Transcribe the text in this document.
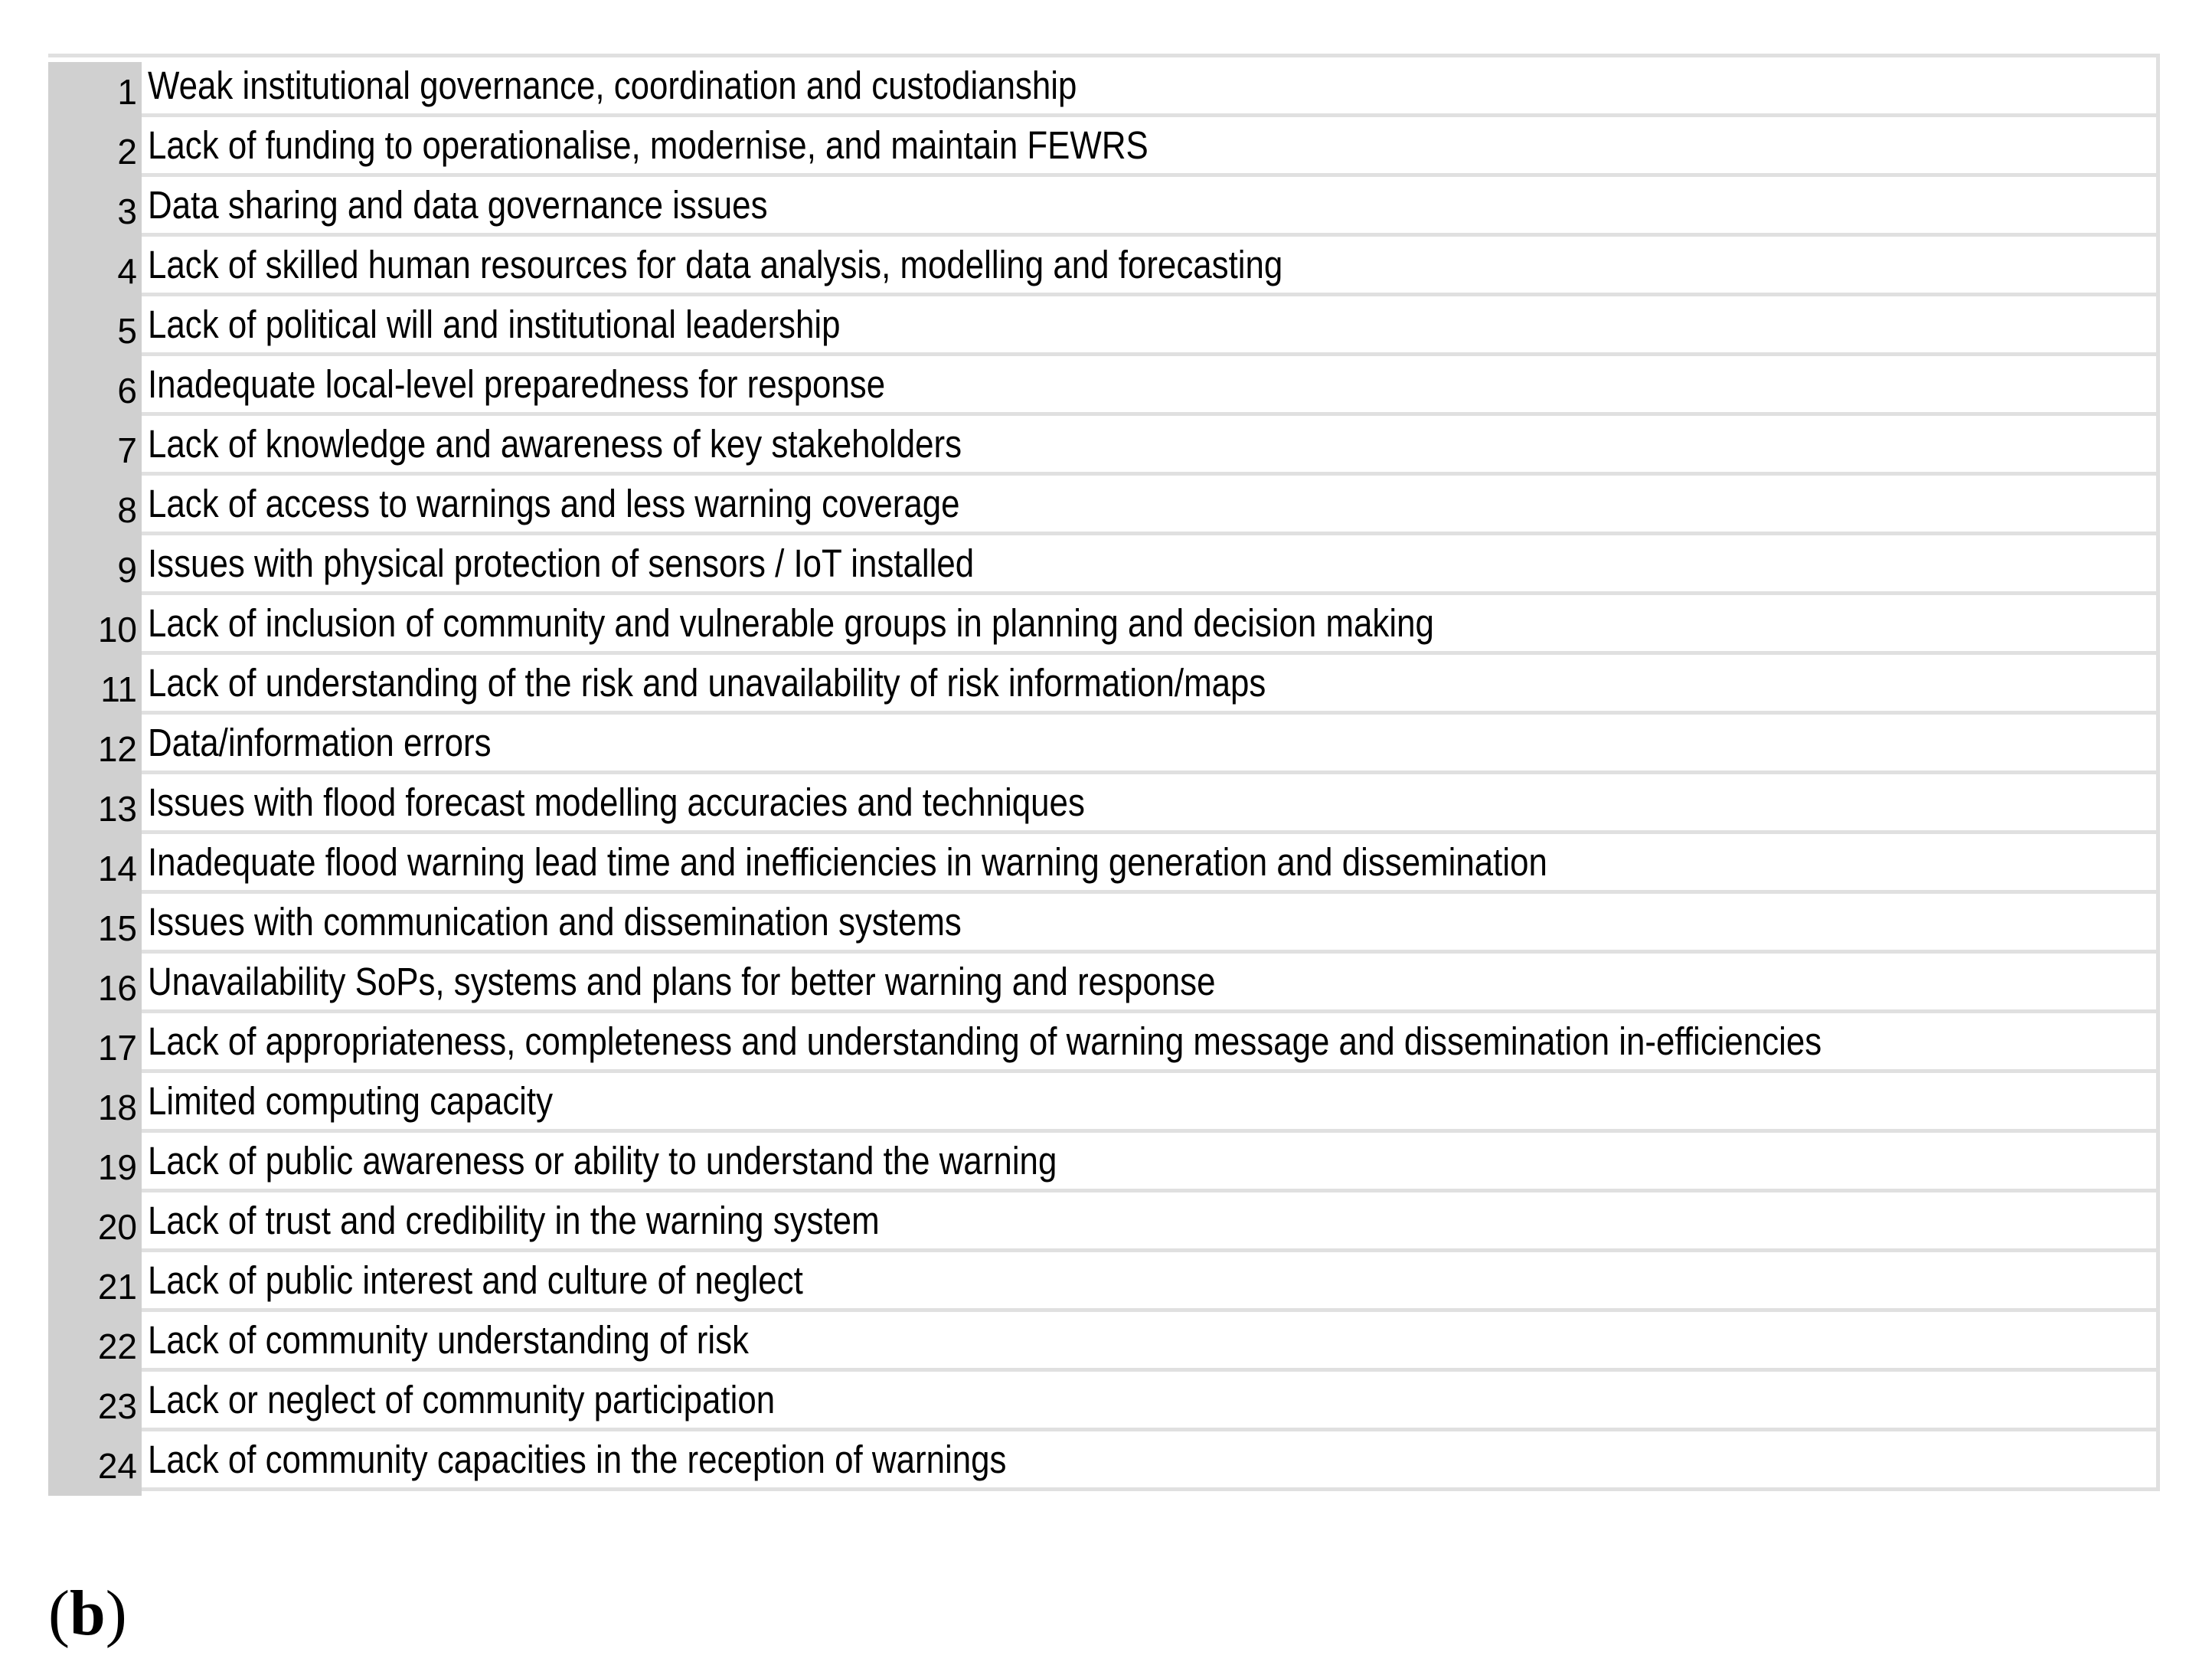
1 Weak institutional governance, coordination and custodianship
2 Lack of funding to operationalise, modernise, and maintain FEWRS
3 Data sharing and data governance issues
4 Lack of skilled human resources for data analysis, modelling and forecasting
5 Lack of political will and institutional leadership
6 Inadequate local-level preparedness for response
7 Lack of knowledge and awareness of key stakeholders
8 Lack of access to warnings and less warning coverage
9 Issues with physical protection of sensors / IoT installed
10 Lack of inclusion of community and vulnerable groups in planning and decision making
11 Lack of understanding of the risk and unavailability of risk information/maps
12 Data/information errors
13 Issues with flood forecast modelling accuracies and techniques
14 Inadequate flood warning lead time and inefficiencies in warning generation and dissemination
15 Issues with communication and dissemination systems
16 Unavailability SoPs, systems and plans for better warning and response
17 Lack of appropriateness, completeness and understanding of warning message and dissemination in-efficiencies
18 Limited computing capacity
19 Lack of public awareness or ability to understand the warning
20 Lack of trust and credibility in the warning system
21 Lack of public interest and culture of neglect
22 Lack of community understanding of risk
23 Lack or neglect of community participation
24 Lack of community capacities in the reception of warnings
(b)
